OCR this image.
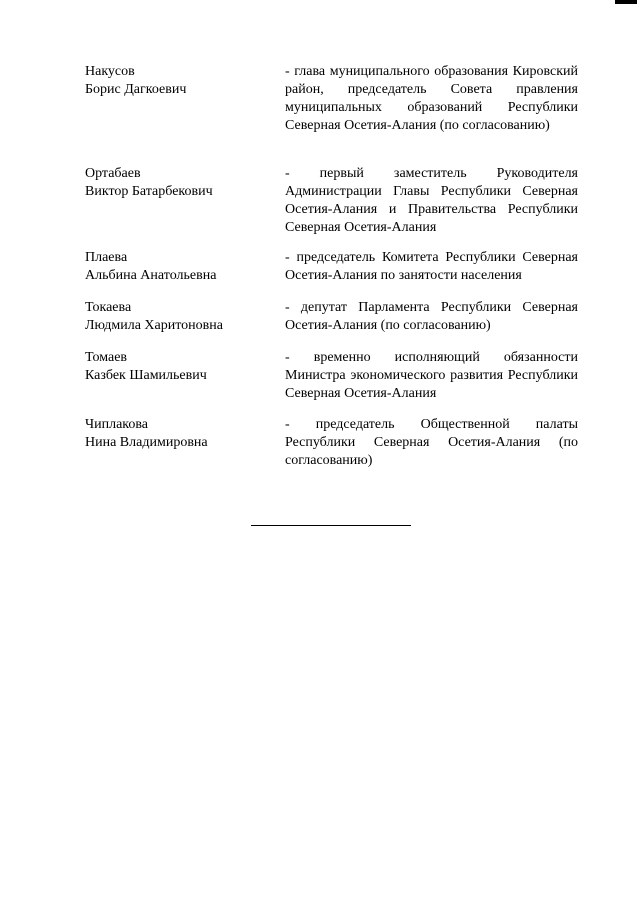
Накусов
Борис Дагкоевич
- глава муниципального образования Кировский район, председатель Совета правления муниципальных образований Республики Северная Осетия-Алания (по согласованию)
Ортабаев
Виктор Батарбекович
- первый заместитель Руководителя Администрации Главы Республики Северная Осетия-Алания и Правительства Республики Северная Осетия-Алания
Плаева
Альбина Анатольевна
- председатель Комитета Республики Северная Осетия-Алания по занятости населения
Токаева
Людмила Харитоновна
- депутат Парламента Республики Северная Осетия-Алания (по согласованию)
Томаев
Казбек Шамильевич
- временно исполняющий обязанности Министра экономического развития Республики Северная Осетия-Алания
Чиплакова
Нина Владимировна
- председатель Общественной палаты Республики Северная Осетия-Алания (по согласованию)
